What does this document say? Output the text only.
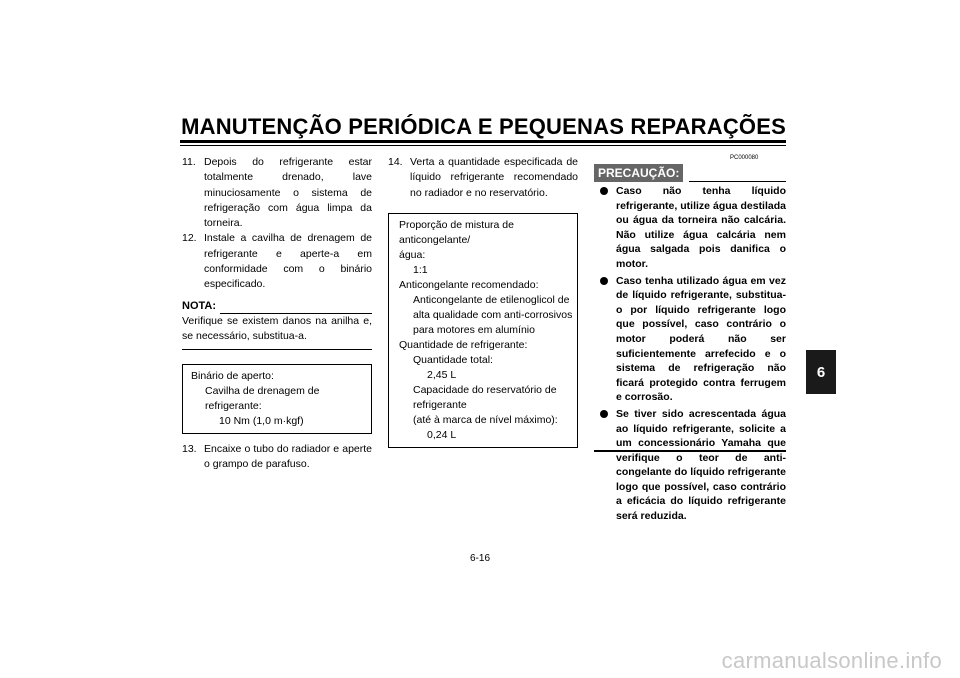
MANUTENÇÃO PERIÓDICA E PEQUENAS REPARAÇÕES
6
11. Depois do refrigerante estar totalmente drenado, lave minuciosamente o sistema de refrigeração com água limpa da torneira.
12. Instale a cavilha de drenagem de refrigerante e aperte-a em conformidade com o binário especificado.
NOTA:
Verifique se existem danos na anilha e, se necessário, substitua-a.
Binário de aperto:
Cavilha de drenagem de
refrigerante:
10 Nm (1,0 m·kgf)
13. Encaixe o tubo do radiador e aperte o grampo de parafuso.
14. Verta a quantidade especificada de líquido refrigerante recomendado no radiador e no reservatório.
Proporção de mistura de anticongelante/
água:
1:1
Anticongelante recomendado:
Anticongelante de etilenoglicol de
alta qualidade com anti-corrosivos
para motores em alumínio
Quantidade de refrigerante:
Quantidade total:
2,45 L
Capacidade do reservatório de
refrigerante
(até à marca de nível máximo):
0,24 L
PC000080
PRECAUÇÃO:
Caso não tenha líquido refrigerante, utilize água destilada ou água da torneira não calcária. Não utilize água calcária nem água salgada pois danifica o motor.
Caso tenha utilizado água em vez de líquido refrigerante, substitua-o por líquido refrigerante logo que possível, caso contrário o motor poderá não ser suficientemente arrefecido e o sistema de refrigeração não ficará protegido contra ferrugem e corrosão.
Se tiver sido acrescentada água ao líquido refrigerante, solicite a um concessionário Yamaha que verifique o teor de anti-congelante do líquido refrigerante logo que possível, caso contrário a eficácia do líquido refrigerante será reduzida.
6-16
carmanualsonline.info
